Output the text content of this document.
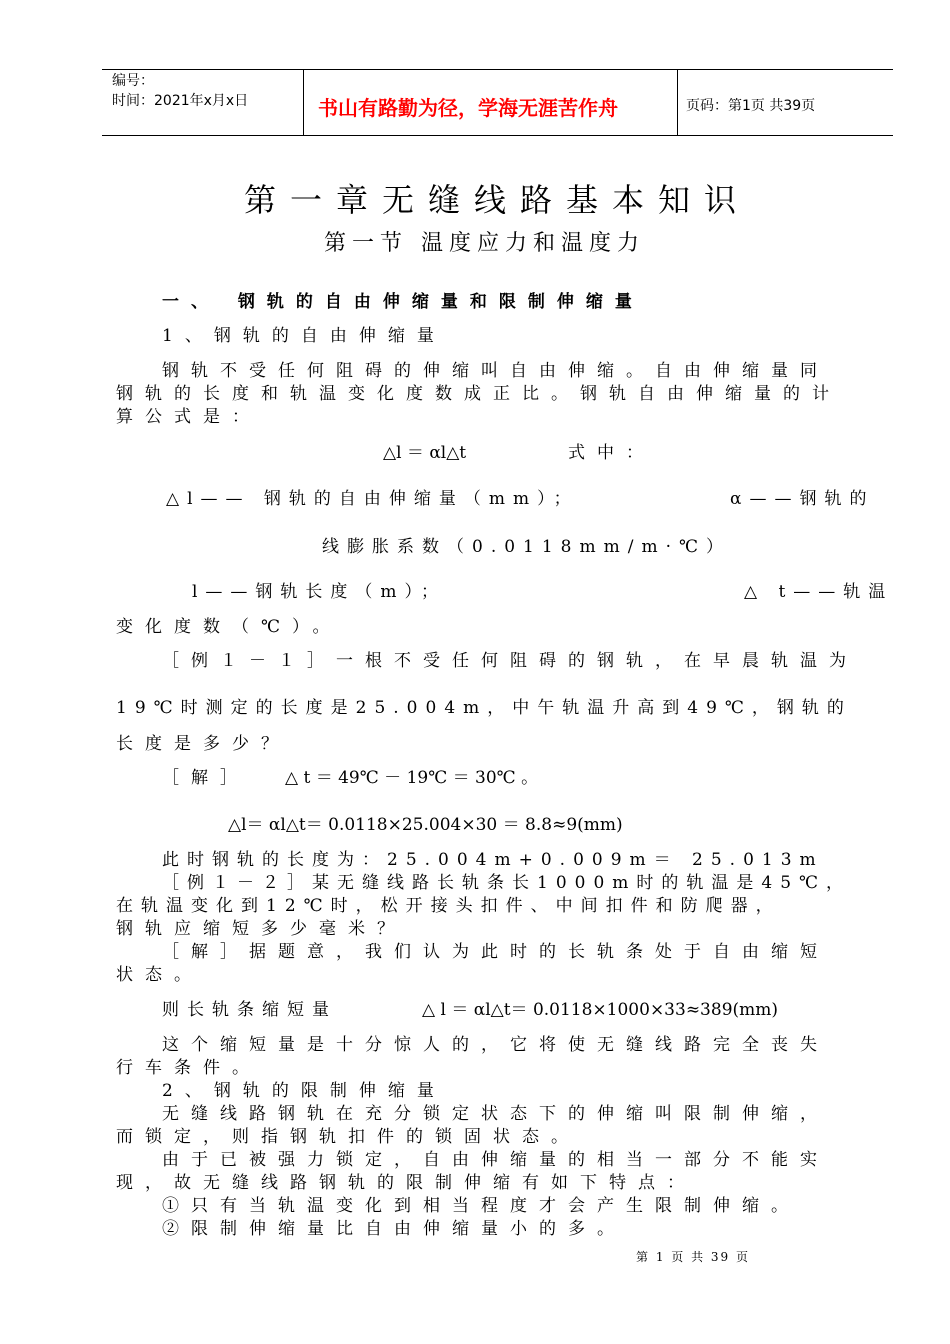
编号：
时间：2021年x月x日	书山有路勤为径，学海无涯苦作舟	页码：第1页 共39页
第一章无缝线路基本知识
第一节 温度应力和温度力
一、 钢轨的自由伸缩量和限制伸缩量
1、钢轨的自由伸缩量
钢轨不受任何阻碍的伸缩叫自由伸缩。自由伸缩量同
钢轨的长度和轨温变化度数成正比。钢轨自由伸缩量的计
算公式是：
△l ＝ αl△t	式中：
△l—— 钢轨的自由伸缩量（mm）；	α——钢轨的
线膨胀系数（0.0118mm/m·℃）
l——钢轨长度（m）；	△ t——轨温
变化度数（℃）。
［例１－１］一根不受任何阻碍的钢轨，在早晨轨温为
19℃时测定的长度是25.004m，中午轨温升高到49℃，钢轨的
长度是多少？
［解］ △ t ＝ 49℃ － 19℃ ＝ 30℃ 。
△l＝ αl△t＝ 0.0118×25.004×30 ＝ 8.8≈9(mm)
此时钢轨的长度为：25.004m+0.009m＝ 25.013m
［例１－２］某无缝线路长轨条长1000m时的轨温是45℃，
在轨温变化到12℃时，松开接头扣件、中间扣件和防爬器，
钢轨应缩短多少毫米？
［解］据题意，我们认为此时的长轨条处于自由缩短
状态。
则长轨条缩短量	△ l ＝ αl△t＝ 0.0118×1000×33≈389(mm)
这个缩短量是十分惊人的，它将使无缝线路完全丧失
行车条件。
2、钢轨的限制伸缩量
无缝线路钢轨在充分锁定状态下的伸缩叫限制伸缩，
而锁定，则指钢轨扣件的锁固状态。
由于已被强力锁定，自由伸缩量的相当一部分不能实
现，故无缝线路钢轨的限制伸缩有如下特点：
①只有当轨温变化到相当程度才会产生限制伸缩。
②限制伸缩量比自由伸缩量小的多。
第 1 页 共 39 页
